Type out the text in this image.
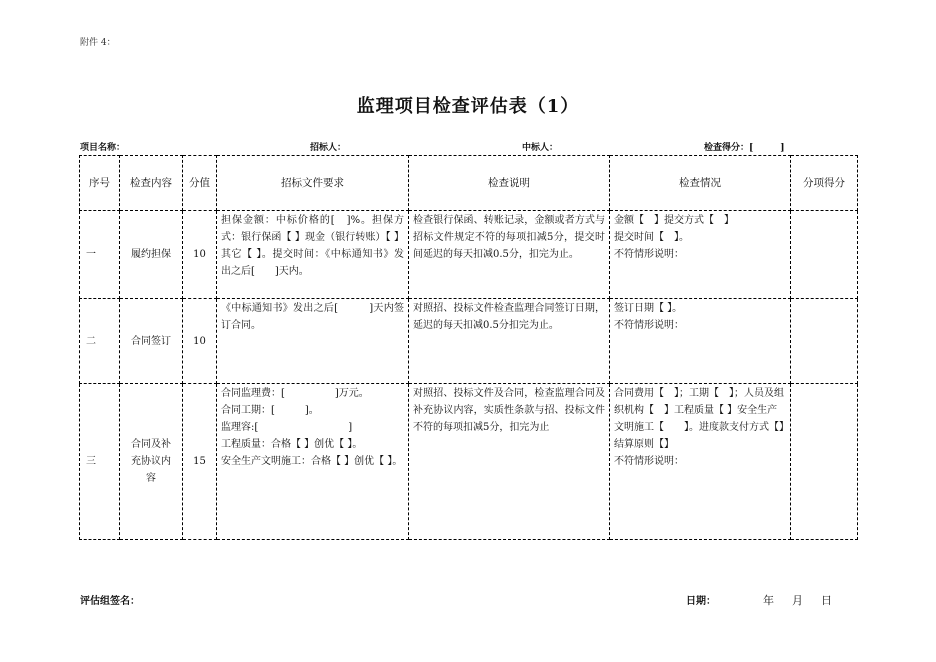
附件 4：
监理项目检查评估表（1）
项目名称：	招标人：	中标人：	检查得分：[　　　]
序号	检查内容	分值	招标文件要求	检查说明	检查情况	分项得分
一	履约担保	10	担保金额：中标价格的[　]%。担保方式：银行保函【 】现金（银行转账）【 】其它【 】。提交时间：《中标通知书》发出之后[　　]天内。	检查银行保函、转账记录，金额或者方式与招标文件规定不符的每项扣减5分，提交时间延迟的每天扣减0.5分，扣完为止。	金额【　】提交方式【　】
提交时间【　】。
不符情形说明：	
二	合同签订	10	《中标通知书》发出之后[　　　]天内签订合同。	对照招、投标文件检查监理合同签订日期，延迟的每天扣减0.5分扣完为止。	签订日期【 】。
不符情形说明：	
三	合同及补充协议内容	15	合同监理费：[　　　　　]万元。
合同工期：[　　　]。
监理容:[　　　　　　　　　]
工程质量：合格【 】创优【 】。
安全生产文明施工：合格【 】创优【 】。	对照招、投标文件及合同，检查监理合同及补充协议内容，实质性条款与招、投标文件不符的每项扣减5分，扣完为止	合同费用【　】；工期【　】；人员及组织机构【　】工程质量【 】安全生产文明施工【　　】。进度款支付方式【】结算原则【】
不符情形说明：	
评估组签名：	日期：	年 月 日
